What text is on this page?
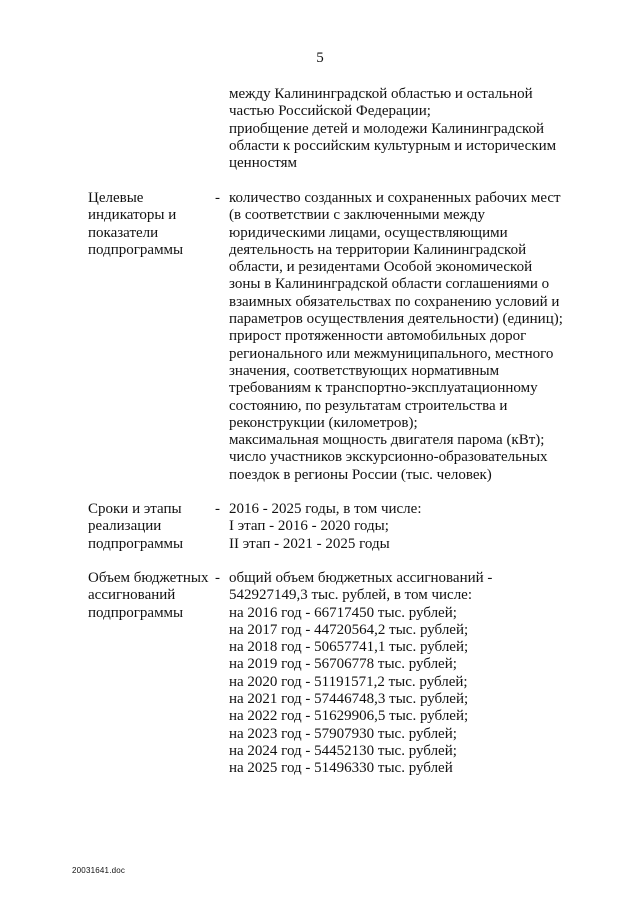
5
между Калининградской областью и остальной
частью Российской Федерации;
приобщение детей и молодежи Калининградской
области к российским культурным и историческим
ценностям
Целевые
индикаторы и
показатели
подпрограммы
- количество созданных и сохраненных рабочих мест
(в соответствии с заключенными между
юридическими лицами, осуществляющими
деятельность на территории Калининградской
области, и резидентами Особой экономической
зоны в Калининградской области соглашениями о
взаимных обязательствах по сохранению условий и
параметров осуществления деятельности) (единиц);
прирост протяженности автомобильных дорог
регионального или межмуниципального, местного
значения, соответствующих нормативным
требованиям к транспортно-эксплуатационному
состоянию, по результатам строительства и
реконструкции (километров);
максимальная мощность двигателя парома (кВт);
число участников экскурсионно-образовательных
поездок в регионы России (тыс. человек)
Сроки и этапы
реализации
подпрограммы
- 2016 - 2025 годы, в том числе:
I этап - 2016 - 2020 годы;
II этап - 2021 - 2025 годы
Объем бюджетных
ассигнований
подпрограммы
- общий объем бюджетных ассигнований -
542927149,3 тыс. рублей, в том числе:
на 2016 год - 66717450 тыс. рублей;
на 2017 год - 44720564,2 тыс. рублей;
на 2018 год - 50657741,1 тыс. рублей;
на 2019 год - 56706778 тыс. рублей;
на 2020 год - 51191571,2 тыс. рублей;
на 2021 год - 57446748,3 тыс. рублей;
на 2022 год - 51629906,5 тыс. рублей;
на 2023 год - 57907930 тыс. рублей;
на 2024 год - 54452130 тыс. рублей;
на 2025 год - 51496330 тыс. рублей
20031641.doc
